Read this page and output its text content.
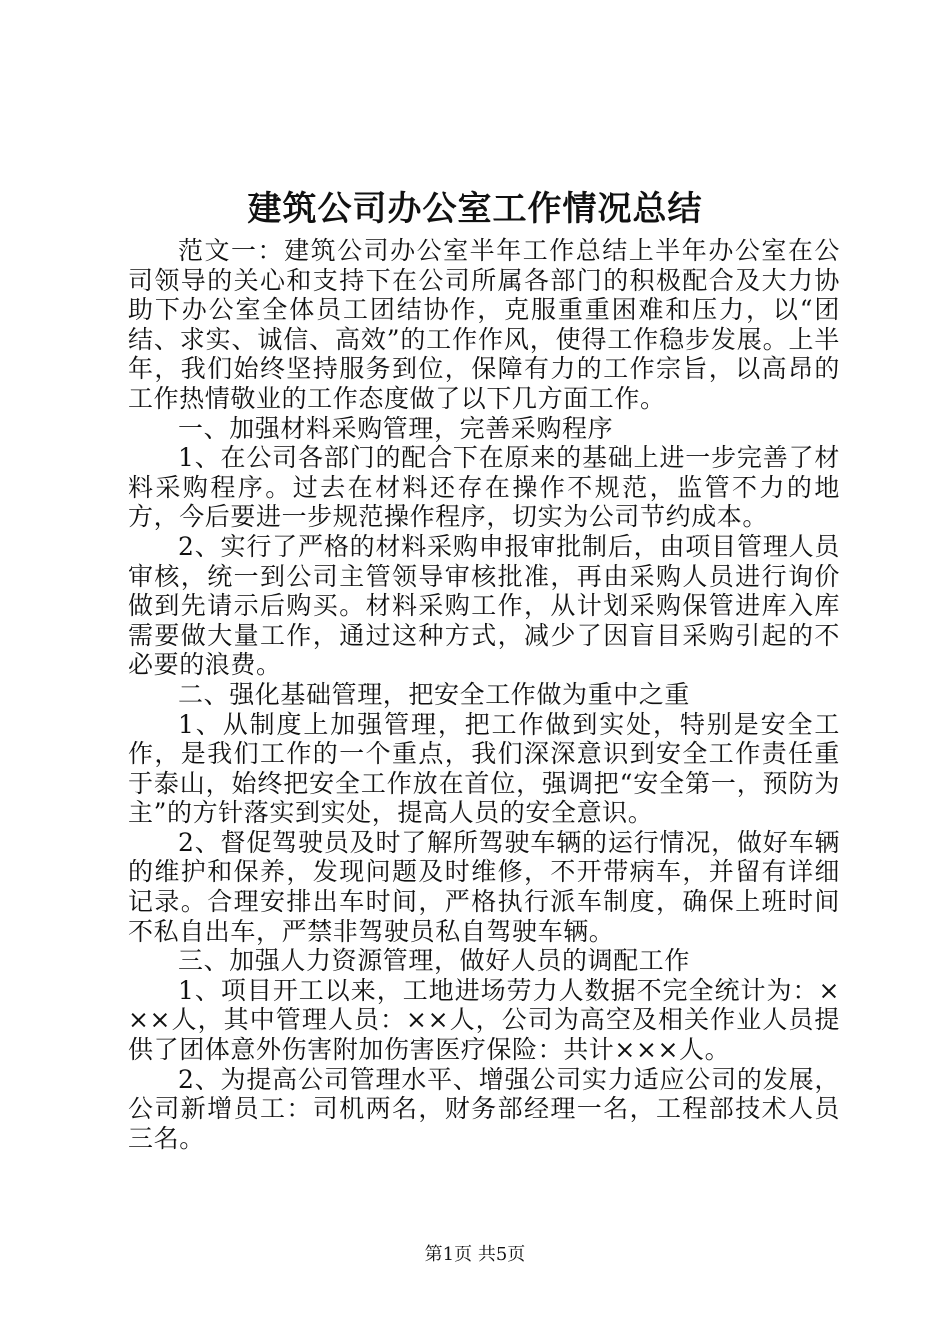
建筑公司办公室工作情况总结

范文一：建筑公司办公室半年工作总结上半年办公室在公司领导的关心和支持下在公司所属各部门的积极配合及大力协助下办公室全体员工团结协作，克服重重困难和压力，以“团结、求实、诚信、高效”的工作作风，使得工作稳步发展。上半年，我们始终坚持服务到位，保障有力的工作宗旨，以高昂的工作热情敬业的工作态度做了以下几方面工作。

一、加强材料采购管理，完善采购程序

1、在公司各部门的配合下在原来的基础上进一步完善了材料采购程序。过去在材料还存在操作不规范，监管不力的地方，今后要进一步规范操作程序，切实为公司节约成本。

2、实行了严格的材料采购申报审批制后，由项目管理人员审核，统一到公司主管领导审核批准，再由采购人员进行询价做到先请示后购买。材料采购工作，从计划采购保管进库入库需要做大量工作，通过这种方式，减少了因盲目采购引起的不必要的浪费。

二、强化基础管理，把安全工作做为重中之重

1、从制度上加强管理，把工作做到实处，特别是安全工作，是我们工作的一个重点，我们深深意识到安全工作责任重于泰山，始终把安全工作放在首位，强调把“安全第一，预防为主”的方针落实到实处，提高人员的安全意识。

2、督促驾驶员及时了解所驾驶车辆的运行情况，做好车辆的维护和保养，发现问题及时维修，不开带病车，并留有详细记录。合理安排出车时间，严格执行派车制度，确保上班时间不私自出车，严禁非驾驶员私自驾驶车辆。

三、加强人力资源管理，做好人员的调配工作

1、项目开工以来，工地进场劳力人数据不完全统计为：×××人，其中管理人员：××人，公司为高空及相关作业人员提供了团体意外伤害附加伤害医疗保险：共计×××人。

2、为提高公司管理水平、增强公司实力适应公司的发展，公司新增员工：司机两名，财务部经理一名，工程部技术人员三名。

第1页 共5页
